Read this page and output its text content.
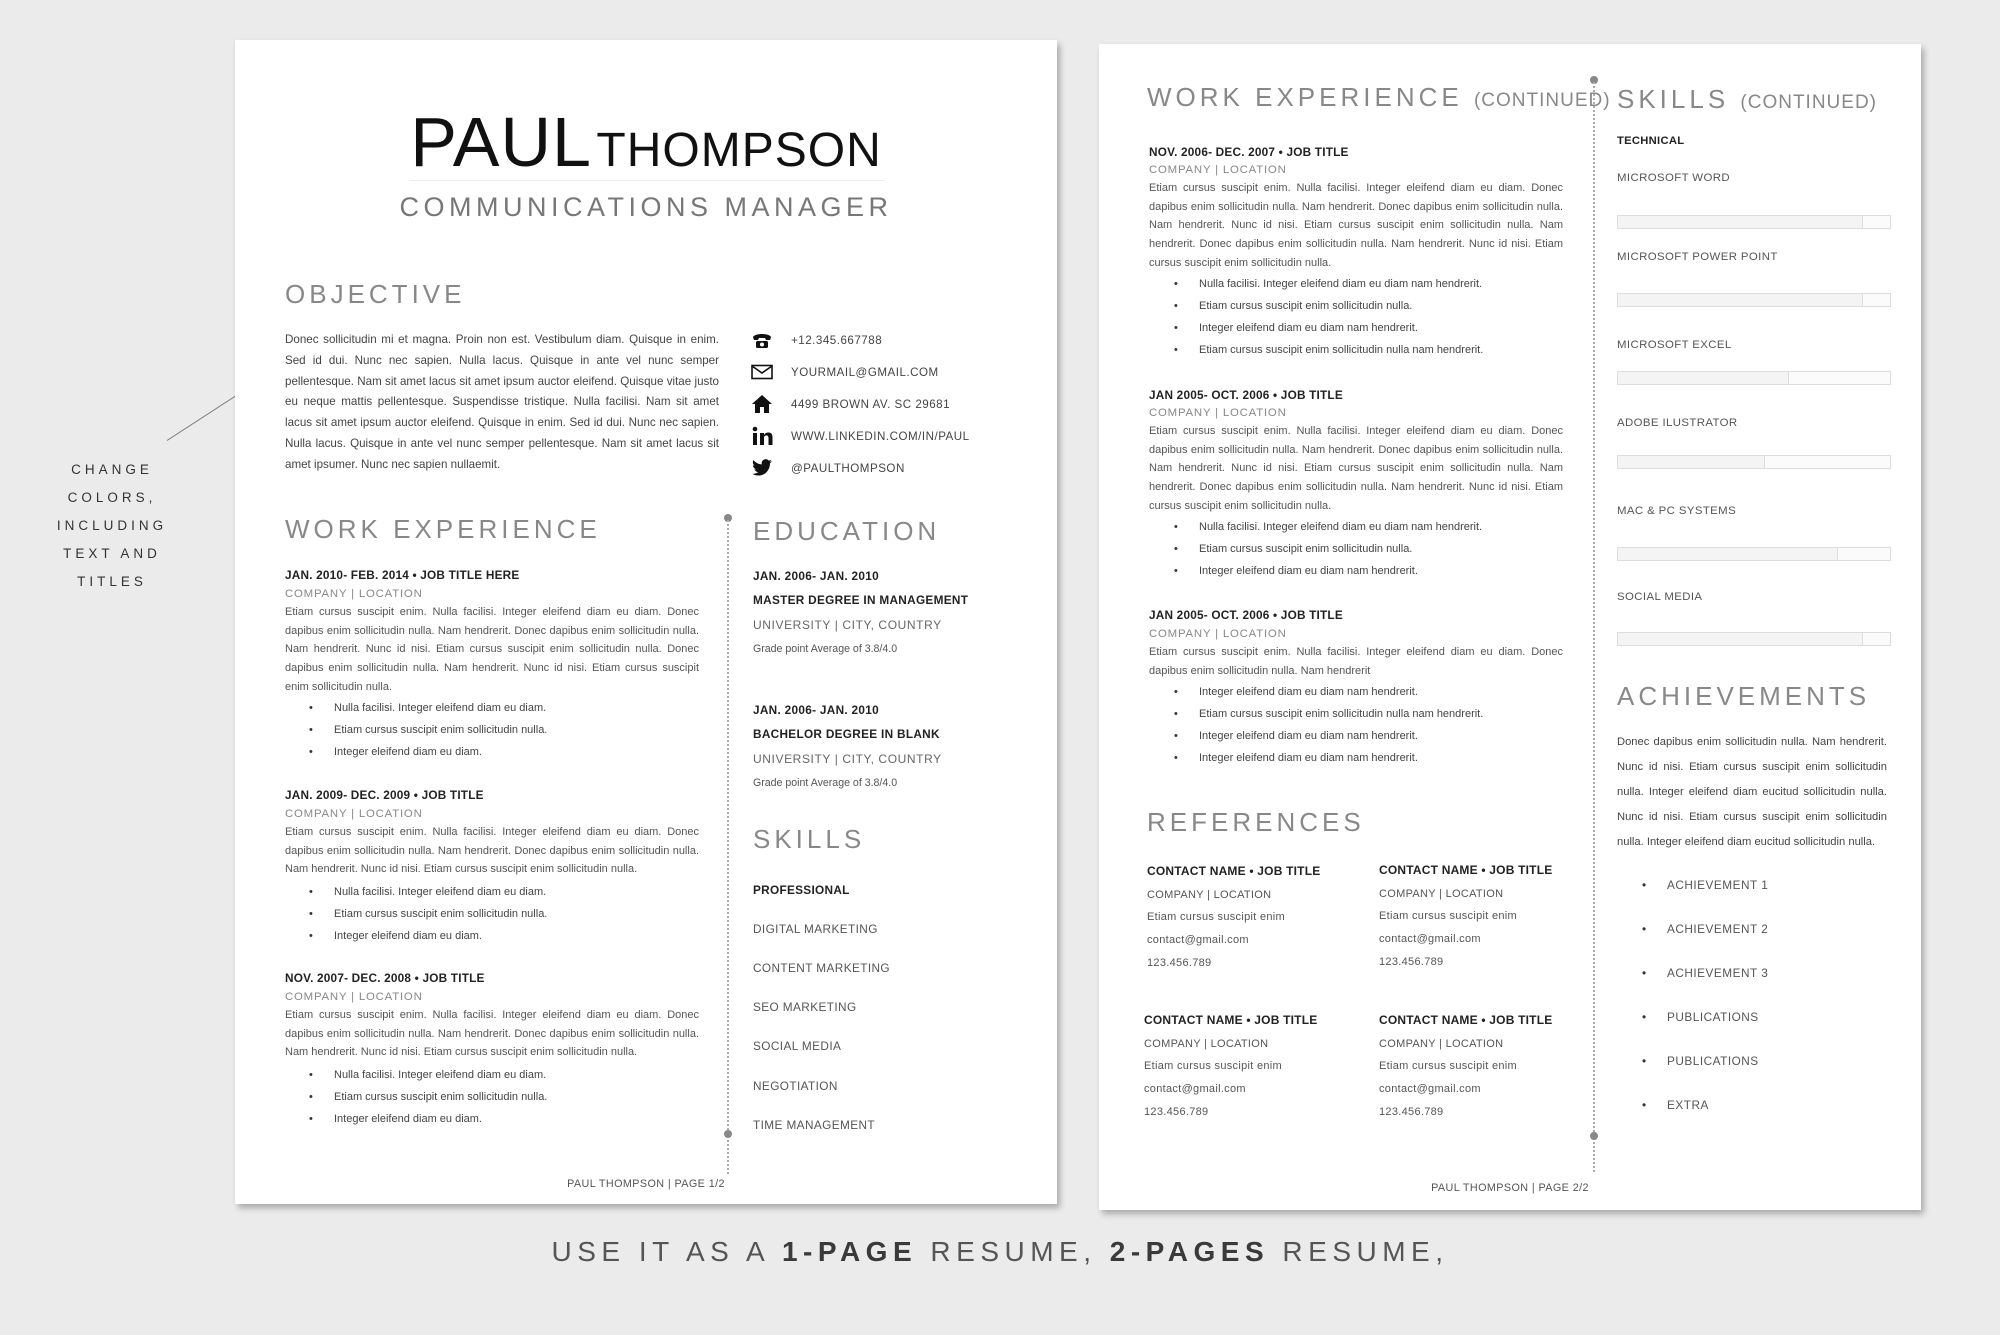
CHANGE
COLORS,
INCLUDING
TEXT AND
TITLES
PAUL THOMPSON
COMMUNICATIONS MANAGER
OBJECTIVE
Donec sollicitudin mi et magna. Proin non est. Vestibulum diam. Quisque in enim. Sed id dui. Nunc nec sapien. Nulla lacus. Quisque in ante vel nunc semper pellentesque. Nam sit amet lacus sit amet ipsum auctor eleifend. Quisque vitae justo eu neque mattis pellentesque. Suspendisse tristique. Nulla facilisi. Nam sit amet lacus sit amet ipsum auctor eleifend. Quisque in enim. Sed id dui. Nunc nec sapien. Nulla lacus. Quisque in ante vel nunc semper pellentesque. Nam sit amet lacus sit amet ipsumer. Nunc nec sapien nullaemit.
+12.345.667788
YOURMAIL@GMAIL.COM
4499 BROWN AV. SC 29681
WWW.LINKEDIN.COM/IN/PAUL
@PAULTHOMPSON
WORK EXPERIENCE
JAN. 2010- FEB. 2014 • JOB TITLE HERE
COMPANY | LOCATION
Etiam cursus suscipit enim. Nulla facilisi. Integer eleifend diam eu diam. Donec dapibus enim sollicitudin nulla. Nam hendrerit. Donec dapibus enim sollicitudin nulla. Nam hendrerit. Nunc id nisi. Etiam cursus suscipit enim sollicitudin nulla. Donec dapibus enim sollicitudin nulla. Nam hendrerit. Nunc id nisi. Etiam cursus suscipit enim sollicitudin nulla.
• Nulla facilisi. Integer eleifend diam eu diam.
• Etiam cursus suscipit enim sollicitudin nulla.
• Integer eleifend diam eu diam.
JAN. 2009- DEC. 2009 • JOB TITLE
COMPANY | LOCATION
Etiam cursus suscipit enim. Nulla facilisi. Integer eleifend diam eu diam. Donec dapibus enim sollicitudin nulla. Nam hendrerit. Donec dapibus enim sollicitudin nulla. Nam hendrerit. Nunc id nisi. Etiam cursus suscipit enim sollicitudin nulla.
• Nulla facilisi. Integer eleifend diam eu diam.
• Etiam cursus suscipit enim sollicitudin nulla.
• Integer eleifend diam eu diam.
NOV. 2007- DEC. 2008 • JOB TITLE
COMPANY | LOCATION
Etiam cursus suscipit enim. Nulla facilisi. Integer eleifend diam eu diam. Donec dapibus enim sollicitudin nulla. Nam hendrerit. Donec dapibus enim sollicitudin nulla. Nam hendrerit. Nunc id nisi. Etiam cursus suscipit enim sollicitudin nulla.
• Nulla facilisi. Integer eleifend diam eu diam.
• Etiam cursus suscipit enim sollicitudin nulla.
• Integer eleifend diam eu diam.
EDUCATION
JAN. 2006- JAN. 2010
MASTER DEGREE IN MANAGEMENT
UNIVERSITY | CITY, COUNTRY
Grade point Average of 3.8/4.0
JAN. 2006- JAN. 2010
BACHELOR DEGREE IN BLANK
UNIVERSITY | CITY, COUNTRY
Grade point Average of 3.8/4.0
SKILLS
PROFESSIONAL
DIGITAL MARKETING
CONTENT MARKETING
SEO MARKETING
SOCIAL MEDIA
NEGOTIATION
TIME MANAGEMENT
PAUL THOMPSON | PAGE 1/2
WORK EXPERIENCE (CONTINUED)
NOV. 2006- DEC. 2007 • JOB TITLE
COMPANY | LOCATION
Etiam cursus suscipit enim. Nulla facilisi. Integer eleifend diam eu diam. Donec dapibus enim sollicitudin nulla. Nam hendrerit. Donec dapibus enim sollicitudin nulla. Nam hendrerit. Nunc id nisi. Etiam cursus suscipit enim sollicitudin nulla. Nam hendrerit. Donec dapibus enim sollicitudin nulla. Nam hendrerit. Nunc id nisi. Etiam cursus suscipit enim sollicitudin nulla.
• Nulla facilisi. Integer eleifend diam eu diam nam hendrerit.
• Etiam cursus suscipit enim sollicitudin nulla.
• Integer eleifend diam eu diam nam hendrerit.
• Etiam cursus suscipit enim sollicitudin nulla nam hendrerit.
JAN 2005- OCT. 2006 • JOB TITLE
COMPANY | LOCATION
Etiam cursus suscipit enim. Nulla facilisi. Integer eleifend diam eu diam. Donec dapibus enim sollicitudin nulla. Nam hendrerit. Donec dapibus enim sollicitudin nulla. Nam hendrerit. Nunc id nisi. Etiam cursus suscipit enim sollicitudin nulla. Nam hendrerit. Donec dapibus enim sollicitudin nulla. Nam hendrerit. Nunc id nisi. Etiam cursus suscipit enim sollicitudin nulla.
• Nulla facilisi. Integer eleifend diam eu diam nam hendrerit.
• Etiam cursus suscipit enim sollicitudin nulla.
• Integer eleifend diam eu diam nam hendrerit.
JAN 2005- OCT. 2006 • JOB TITLE
COMPANY | LOCATION
Etiam cursus suscipit enim. Nulla facilisi. Integer eleifend diam eu diam. Donec dapibus enim sollicitudin nulla. Nam hendrerit
• Integer eleifend diam eu diam nam hendrerit.
• Etiam cursus suscipit enim sollicitudin nulla nam hendrerit.
• Integer eleifend diam eu diam nam hendrerit.
• Integer eleifend diam eu diam nam hendrerit.
REFERENCES
CONTACT NAME • JOB TITLE
COMPANY | LOCATION
Etiam cursus suscipit enim
contact@gmail.com
123.456.789
CONTACT NAME • JOB TITLE
COMPANY | LOCATION
Etiam cursus suscipit enim
contact@gmail.com
123.456.789
CONTACT NAME • JOB TITLE
COMPANY | LOCATION
Etiam cursus suscipit enim
contact@gmail.com
123.456.789
CONTACT NAME • JOB TITLE
COMPANY | LOCATION
Etiam cursus suscipit enim
contact@gmail.com
123.456.789
SKILLS (CONTINUED)
TECHNICAL
MICROSOFT WORD
MICROSOFT POWER POINT
MICROSOFT EXCEL
ADOBE ILUSTRATOR
MAC & PC SYSTEMS
SOCIAL MEDIA
ACHIEVEMENTS
Donec dapibus enim sollicitudin nulla. Nam hendrerit. Nunc id nisi. Etiam cursus suscipit enim sollicitudin nulla. Integer eleifend diam eucitud sollicitudin nulla. Nunc id nisi. Etiam cursus suscipit enim sollicitudin nulla. Integer eleifend diam eucitud sollicitudin nulla.
• ACHIEVEMENT 1
• ACHIEVEMENT 2
• ACHIEVEMENT 3
• PUBLICATIONS
• PUBLICATIONS
• EXTRA
PAUL THOMPSON | PAGE 2/2
USE IT AS A 1-PAGE RESUME, 2-PAGES RESUME,
